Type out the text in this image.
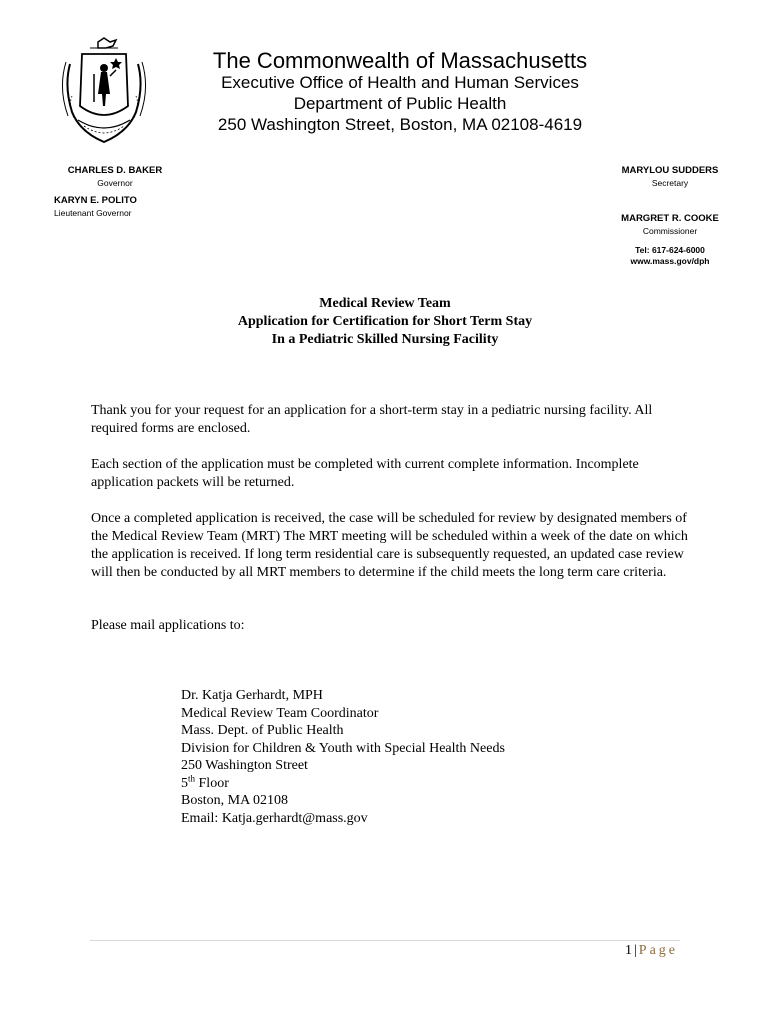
The Commonwealth of Massachusetts
Executive Office of Health and Human Services
Department of Public Health
250 Washington Street, Boston, MA 02108-4619
CHARLES D. BAKER
Governor
KARYN E. POLITO
Lieutenant Governor
MARYLOU SUDDERS
Secretary
MARGRET R. COOKE
Commissioner
Tel: 617-624-6000
www.mass.gov/dph
Medical Review Team
Application for Certification for Short Term Stay
In a Pediatric Skilled Nursing Facility
Thank you for your request for an application for a short-term stay in a pediatric nursing facility. All required forms are enclosed.
Each section of the application must be completed with current complete information. Incomplete application packets will be returned.
Once a completed application is received, the case will be scheduled for review by designated members of the Medical Review Team (MRT) The MRT meeting will be scheduled within a week of the date on which the application is received. If long term residential care is subsequently requested, an updated case review will then be conducted by all MRT members to determine if the child meets the long term care criteria.
Please mail applications to:
Dr. Katja Gerhardt, MPH
Medical Review Team Coordinator
Mass. Dept. of Public Health
Division for Children & Youth with Special Health Needs
250 Washington Street
5th Floor
Boston, MA 02108
Email: Katja.gerhardt@mass.gov
1 | Page
